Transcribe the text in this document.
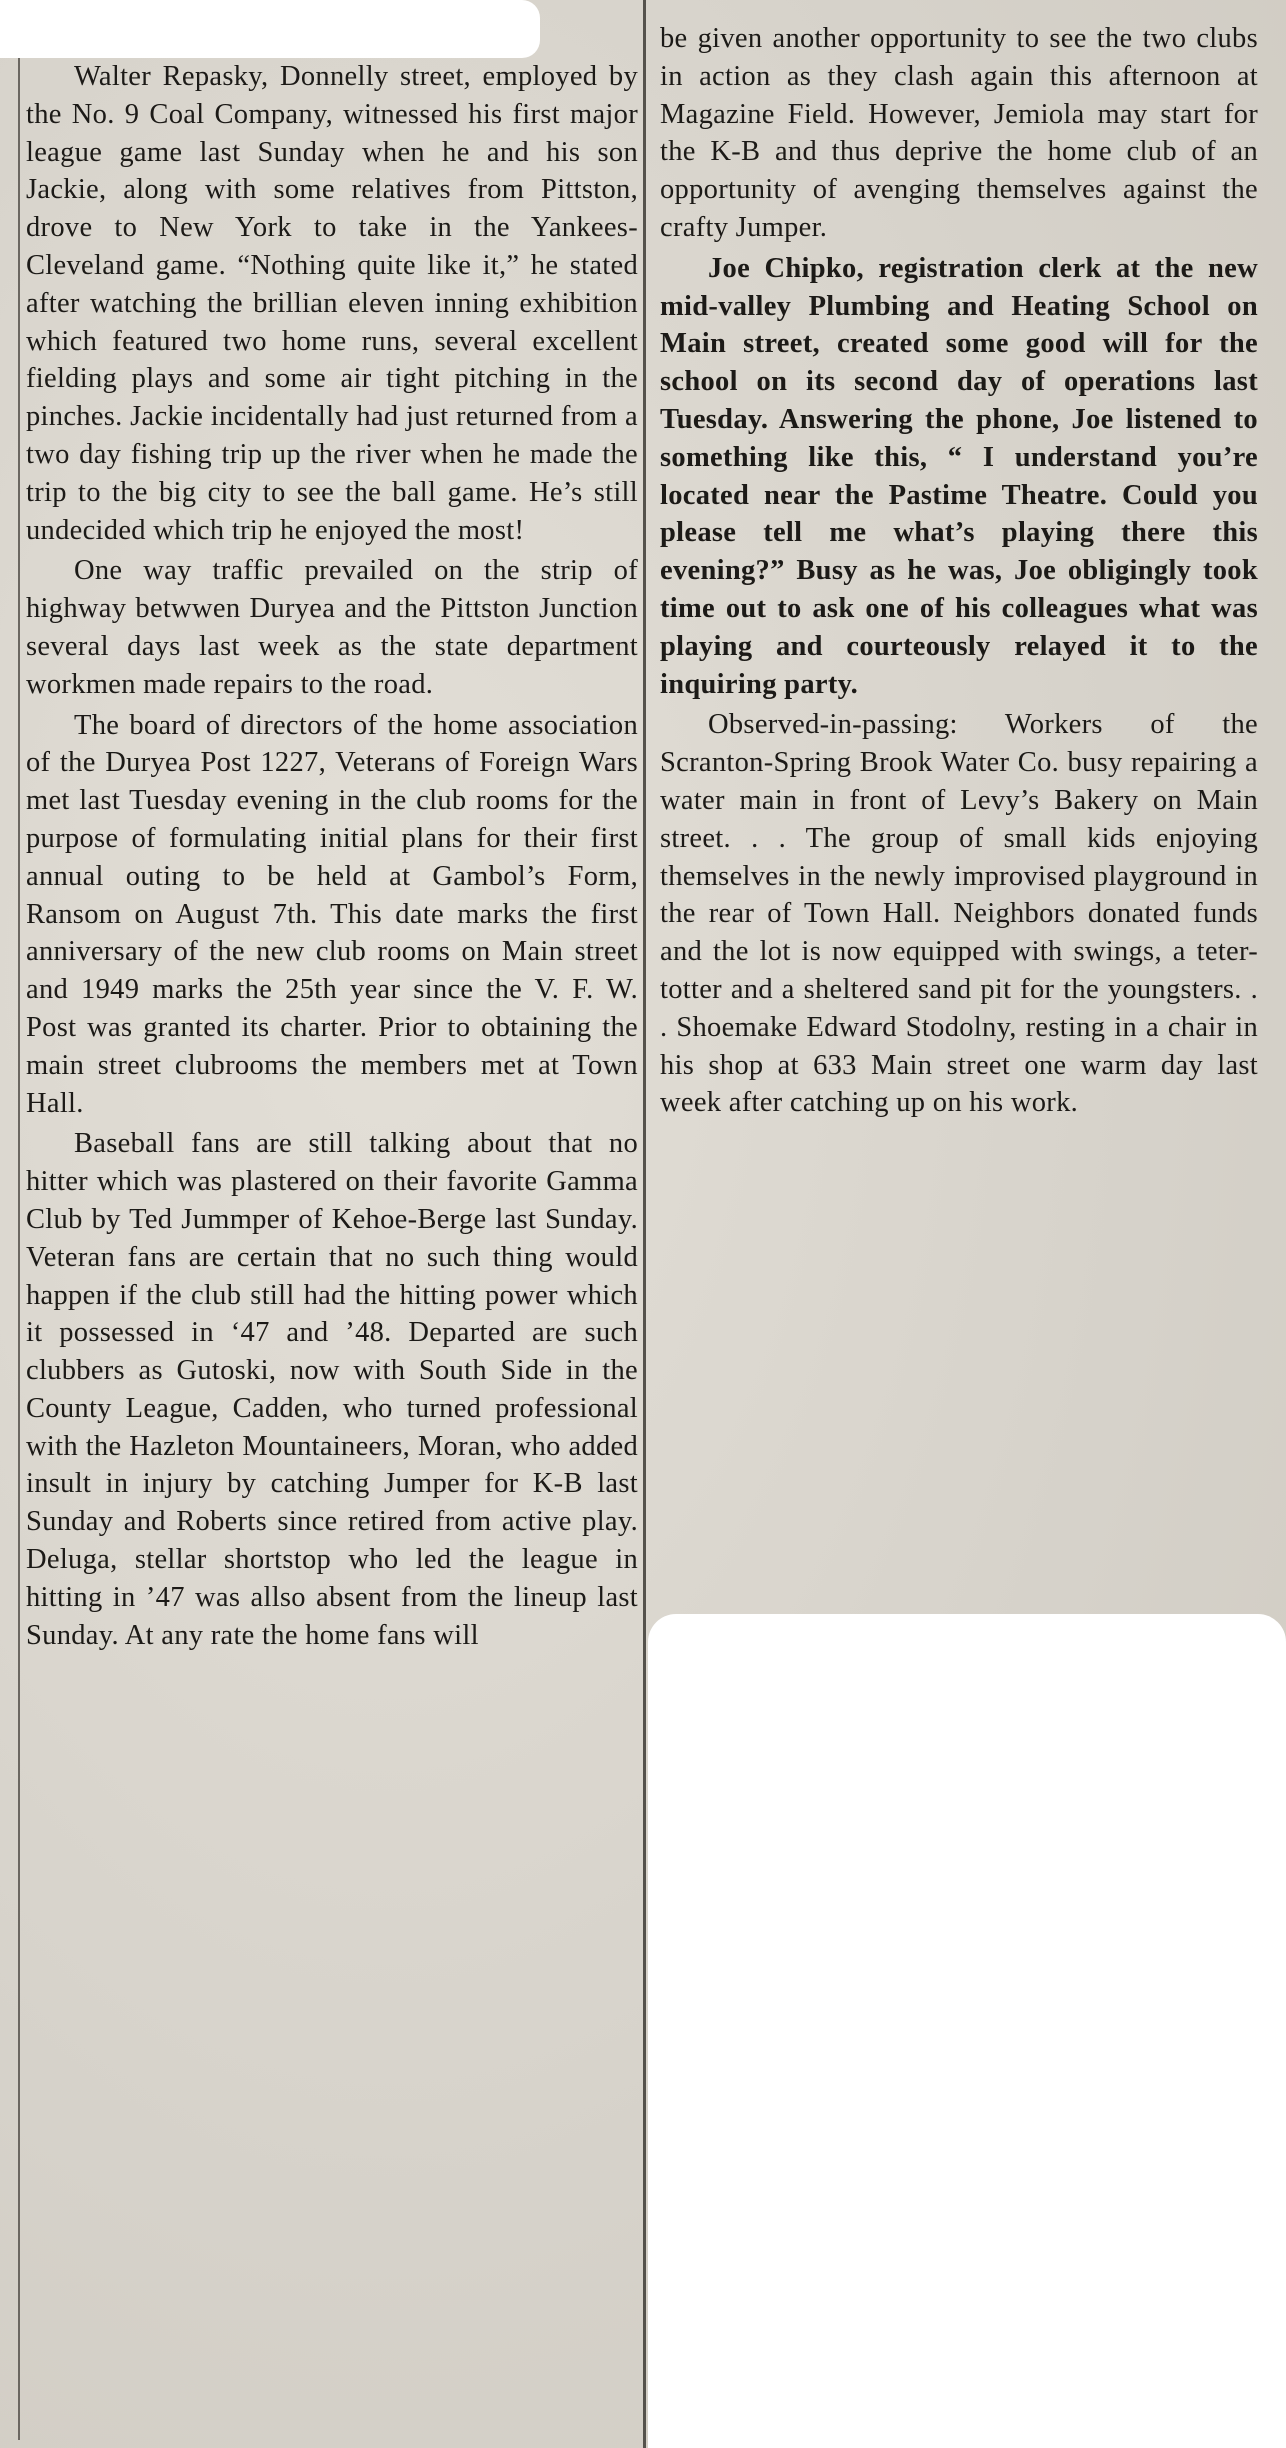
Walter Repasky, Donnelly street, employed by the No. 9 Coal Company, witnessed his first major league game last Sunday when he and his son Jackie, along with some relatives from Pittston, drove to New York to take in the Yankees-Cleveland game. “Nothing quite like it,” he stated after watching the brillian eleven inning exhibition which featured two home runs, several excellent fielding plays and some air tight pitching in the pinches. Jackie incidentally had just returned from a two day fishing trip up the river when he made the trip to the big city to see the ball game. He’s still undecided which trip he enjoyed the most!

One way traffic prevailed on the strip of highway betwwen Duryea and the Pittston Junction several days last week as the state department workmen made repairs to the road.

The board of directors of the home association of the Duryea Post 1227, Veterans of Foreign Wars met last Tuesday evening in the club rooms for the purpose of formulating initial plans for their first annual outing to be held at Gambol’s Form, Ransom on August 7th. This date marks the first anniversary of the new club rooms on Main street and 1949 marks the 25th year since the V. F. W. Post was granted its charter. Prior to obtaining the main street clubrooms the members met at Town Hall.

Baseball fans are still talking about that no hitter which was plastered on their favorite Gamma Club by Ted Jummper of Kehoe-Berge last Sunday. Veteran fans are certain that no such thing would happen if the club still had the hitting power which it possessed in ‘47 and ’48. Departed are such clubbers as Gutoski, now with South Side in the County League, Cadden, who turned professional with the Hazleton Mountaineers, Moran, who added insult in injury by catching Jumper for K-B last Sunday and Roberts since retired from active play. Deluga, stellar shortstop who led the league in hitting in ’47 was allso absent from the lineup last Sunday. At any rate the home fans will

be given another opportunity to see the two clubs in action as they clash again this afternoon at Magazine Field. However, Jemiola may start for the K-B and thus deprive the home club of an opportunity of avenging themselves against the crafty Jumper.

Joe Chipko, registration clerk at the new mid-valley Plumbing and Heating School on Main street, created some good will for the school on its second day of operations last Tuesday. Answering the phone, Joe listened to something like this, “ I understand you’re located near the Pastime Theatre. Could you please tell me what’s playing there this evening?” Busy as he was, Joe obligingly took time out to ask one of his colleagues what was playing and courteously relayed it to the inquiring party.

Observed-in-passing: Workers of the Scranton-Spring Brook Water Co. busy repairing a water main in front of Levy’s Bakery on Main street. . . The group of small kids enjoying themselves in the newly improvised playground in the rear of Town Hall. Neighbors donated funds and the lot is now equipped with swings, a teter-totter and a sheltered sand pit for the youngsters. . . Shoemake Edward Stodolny, resting in a chair in his shop at 633 Main street one warm day last week after catching up on his work.
